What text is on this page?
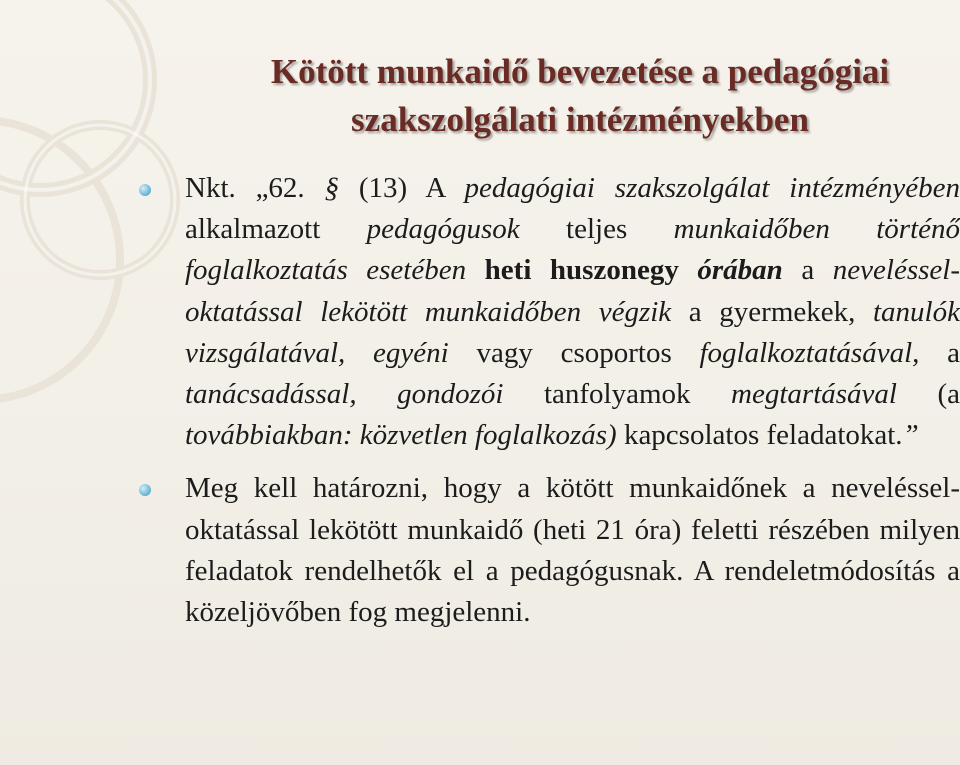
Kötött munkaidő bevezetése a pedagógiai
szakszolgálati intézményekben

Nkt. „62. § (13) A pedagógiai szakszolgálat intézményében alkalmazott pedagógusok teljes munkaidőben történő foglalkoztatás esetében heti huszonegy órában a neveléssel-oktatással lekötött munkaidőben végzik a gyermekek, tanulók vizsgálatával, egyéni vagy csoportos foglalkoztatásával, a tanácsadással, gondozói tanfolyamok megtartásával (a továbbiakban: közvetlen foglalkozás) kapcsolatos feladatokat.”

Meg kell határozni, hogy a kötött munkaidőnek a neveléssel-oktatással lekötött munkaidő (heti 21 óra) feletti részében milyen feladatok rendelhetők el a pedagógusnak. A rendeletmódosítás a közeljövőben fog megjelenni.
